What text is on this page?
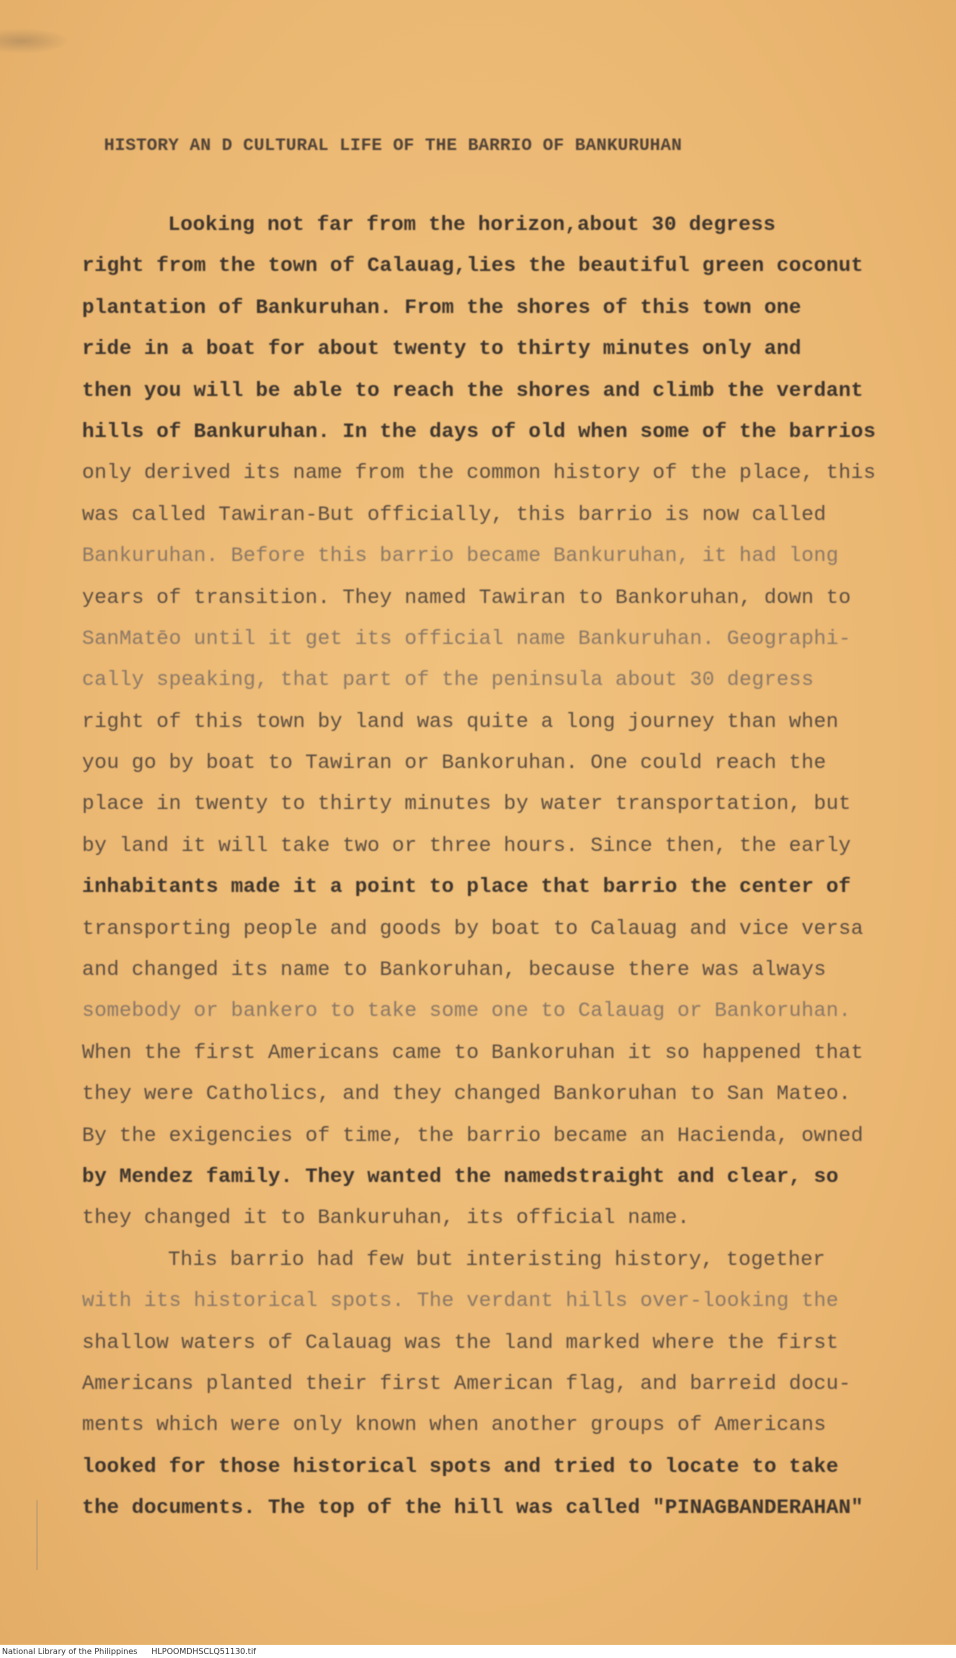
HISTORY AN D CULTURAL LIFE OF THE BARRIO OF BANKURUHAN
Looking not far from the horizon,about 30 degress
right from the town of Calauag,lies the beautiful green coconut
plantation of Bankuruhan. From the shores of this town one
ride in a boat for about twenty to thirty minutes only and
then you will be able to reach the shores and climb the verdant
hills of Bankuruhan. In the days of old when some of the barrios
only derived its name from the common history of the place, this
was called Tawiran-But officially, this barrio is now called
Bankuruhan. Before this barrio became Bankuruhan, it had long
years of transition. They named Tawiran to Bankoruhan, down to
SanMatēo until it get its official name Bankuruhan. Geographi-
cally speaking, that part of the peninsula about 30 degress
right of this town by land was quite a long journey than when
you go by boat to Tawiran or Bankoruhan. One could reach the
place in twenty to thirty minutes by water transportation, but
by land it will take two or three hours. Since then, the early
inhabitants made it a point to place that barrio the center of
transporting people and goods by boat to Calauag and vice versa
and changed its name to Bankoruhan, because there was always
somebody or bankero to take some one to Calauag or Bankoruhan.
When the first Americans came to Bankoruhan it so happened that
they were Catholics, and they changed Bankoruhan to San Mateo.
By the exigencies of time, the barrio became an Hacienda, owned
by Mendez family. They wanted the namedstraight and clear, so
they changed it to Bankuruhan, its official name.
This barrio had few but interisting history, together
with its historical spots. The verdant hills over-looking the
shallow waters of Calauag was the land marked where the first
Americans planted their first American flag, and barreid docu-
ments which were only known when another groups of Americans
looked for those historical spots and tried to locate to take
the documents. The top of the hill was called "PINAGBANDERAHAN"
National Library of the Philippines HLPOOMDHSCLQ51130.tif
